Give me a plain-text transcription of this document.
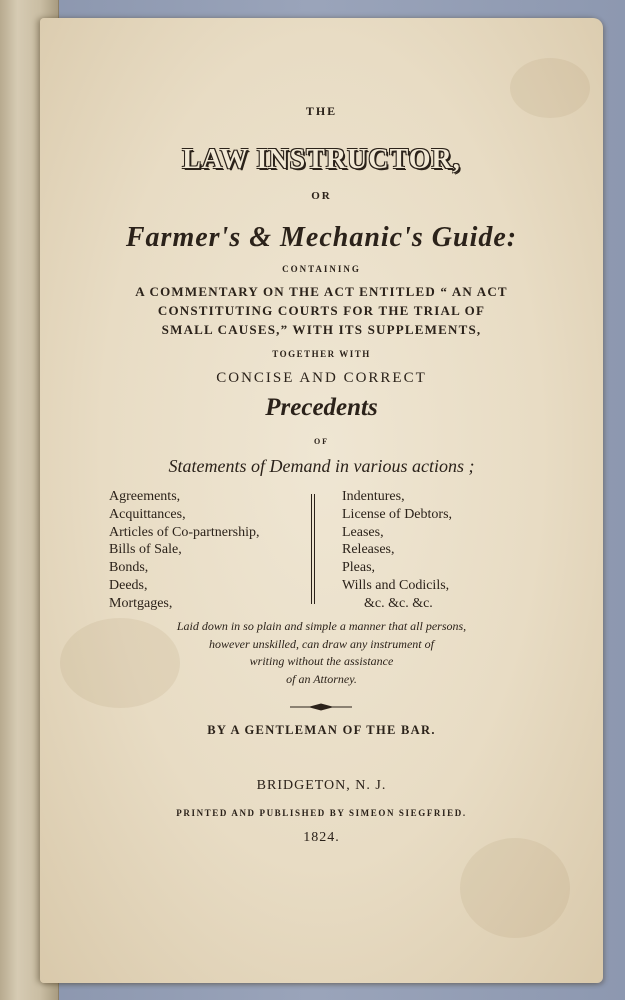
THE
LAW INSTRUCTOR,
OR
Farmer's & Mechanic's Guide:
CONTAINING
A COMMENTARY ON THE ACT ENTITLED “ AN ACT
CONSTITUTING COURTS FOR THE TRIAL OF
SMALL CAUSES,” WITH ITS SUPPLEMENTS,
TOGETHER WITH
CONCISE AND CORRECT
Precedents
OF
Statements of Demand in various actions ;
Agreements,
Acquittances,
Articles of Co-partnership,
Bills of Sale,
Bonds,
Deeds,
Mortgages,
Indentures,
License of Debtors,
Leases,
Releases,
Pleas,
Wills and Codicils,
&c. &c. &c.
Laid down in so plain and simple a manner that all persons,
however unskilled, can draw any instrument of
writing without the assistance
of an Attorney.
BY A GENTLEMAN OF THE BAR.
BRIDGETON, N. J.
PRINTED AND PUBLISHED BY SIMEON SIEGFRIED.
1824.
